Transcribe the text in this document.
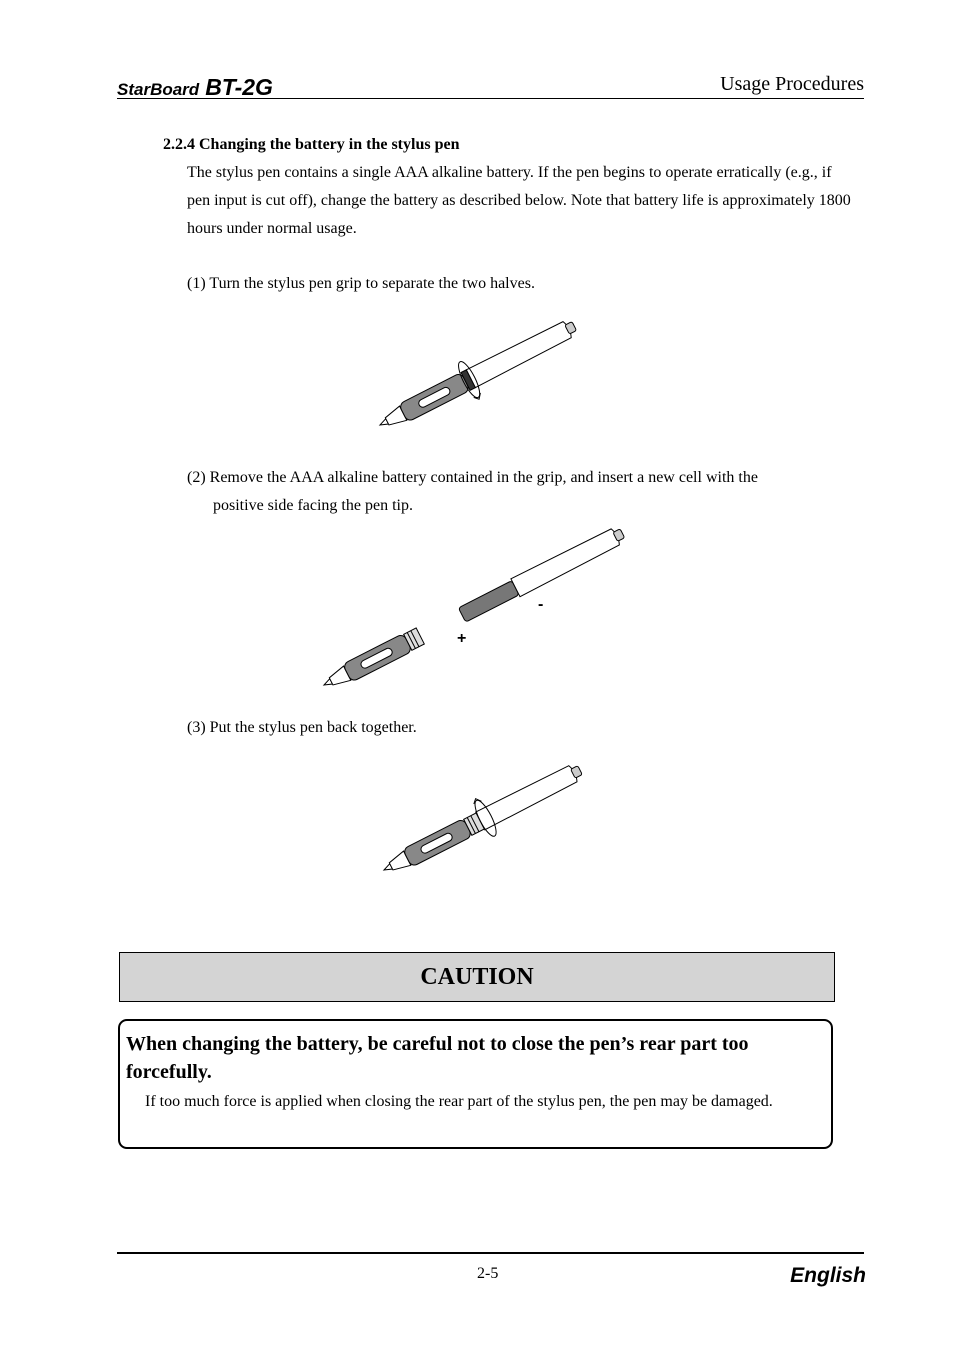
StarBoard BT-2G	Usage Procedures
2.2.4 Changing the battery in the stylus pen
The stylus pen contains a single AAA alkaline battery. If the pen begins to operate erratically (e.g., if pen input is cut off), change the battery as described below. Note that battery life is approximately 1800 hours under normal usage.
(1) Turn the stylus pen grip to separate the two halves.
(2) Remove the AAA alkaline battery contained in the grip, and insert a new cell with the
positive side facing the pen tip.
+
-
(3) Put the stylus pen back together.
CAUTION
When changing the battery, be careful not to close the pen’s rear part too forcefully.
If too much force is applied when closing the rear part of the stylus pen, the pen may be damaged.
2-5	English
